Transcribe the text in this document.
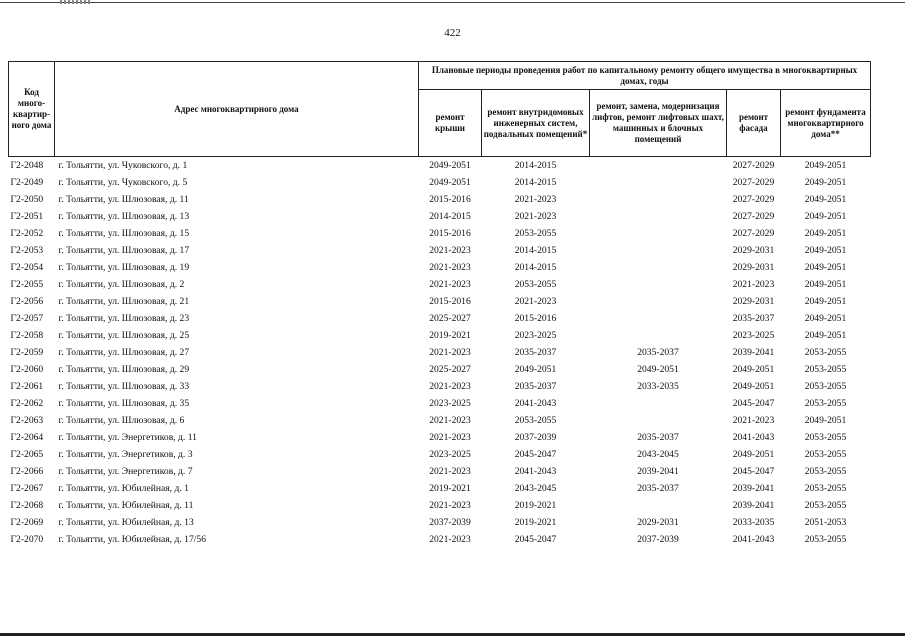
422
Код много-квартир-ного дома	Адрес многоквартирного дома	Плановые периоды проведения работ по капитальному ремонту общего имущества в многоквартирных домах, годы				
		ремонт крыши	ремонт внутридомовых инженерных систем, подвальных помещений*	ремонт, замена, модернизация лифтов, ремонт лифтовых шахт, машинных и блочных помещений	ремонт фасада	ремонт фундамента многоквартирного дома**
Г2-2048	г. Тольятти, ул. Чуковского, д. 1	2049-2051	2014-2015		2027-2029	2049-2051
Г2-2049	г. Тольятти, ул. Чуковского, д. 5	2049-2051	2014-2015		2027-2029	2049-2051
Г2-2050	г. Тольятти, ул. Шлюзовая, д. 11	2015-2016	2021-2023		2027-2029	2049-2051
Г2-2051	г. Тольятти, ул. Шлюзовая, д. 13	2014-2015	2021-2023		2027-2029	2049-2051
Г2-2052	г. Тольятти, ул. Шлюзовая, д. 15	2015-2016	2053-2055		2027-2029	2049-2051
Г2-2053	г. Тольятти, ул. Шлюзовая, д. 17	2021-2023	2014-2015		2029-2031	2049-2051
Г2-2054	г. Тольятти, ул. Шлюзовая, д. 19	2021-2023	2014-2015		2029-2031	2049-2051
Г2-2055	г. Тольятти, ул. Шлюзовая, д. 2	2021-2023	2053-2055		2021-2023	2049-2051
Г2-2056	г. Тольятти, ул. Шлюзовая, д. 21	2015-2016	2021-2023		2029-2031	2049-2051
Г2-2057	г. Тольятти, ул. Шлюзовая, д. 23	2025-2027	2015-2016		2035-2037	2049-2051
Г2-2058	г. Тольятти, ул. Шлюзовая, д. 25	2019-2021	2023-2025		2023-2025	2049-2051
Г2-2059	г. Тольятти, ул. Шлюзовая, д. 27	2021-2023	2035-2037	2035-2037	2039-2041	2053-2055
Г2-2060	г. Тольятти, ул. Шлюзовая, д. 29	2025-2027	2049-2051	2049-2051	2049-2051	2053-2055
Г2-2061	г. Тольятти, ул. Шлюзовая, д. 33	2021-2023	2035-2037	2033-2035	2049-2051	2053-2055
Г2-2062	г. Тольятти, ул. Шлюзовая, д. 35	2023-2025	2041-2043		2045-2047	2053-2055
Г2-2063	г. Тольятти, ул. Шлюзовая, д. 6	2021-2023	2053-2055		2021-2023	2049-2051
Г2-2064	г. Тольятти, ул. Энергетиков, д. 11	2021-2023	2037-2039	2035-2037	2041-2043	2053-2055
Г2-2065	г. Тольятти, ул. Энергетиков, д. 3	2023-2025	2045-2047	2043-2045	2049-2051	2053-2055
Г2-2066	г. Тольятти, ул. Энергетиков, д. 7	2021-2023	2041-2043	2039-2041	2045-2047	2053-2055
Г2-2067	г. Тольятти, ул. Юбилейная, д. 1	2019-2021	2043-2045	2035-2037	2039-2041	2053-2055
Г2-2068	г. Тольятти, ул. Юбилейная, д. 11	2021-2023	2019-2021		2039-2041	2053-2055
Г2-2069	г. Тольятти, ул. Юбилейная, д. 13	2037-2039	2019-2021	2029-2031	2033-2035	2051-2053
Г2-2070	г. Тольятти, ул. Юбилейная, д. 17/56	2021-2023	2045-2047	2037-2039	2041-2043	2053-2055
